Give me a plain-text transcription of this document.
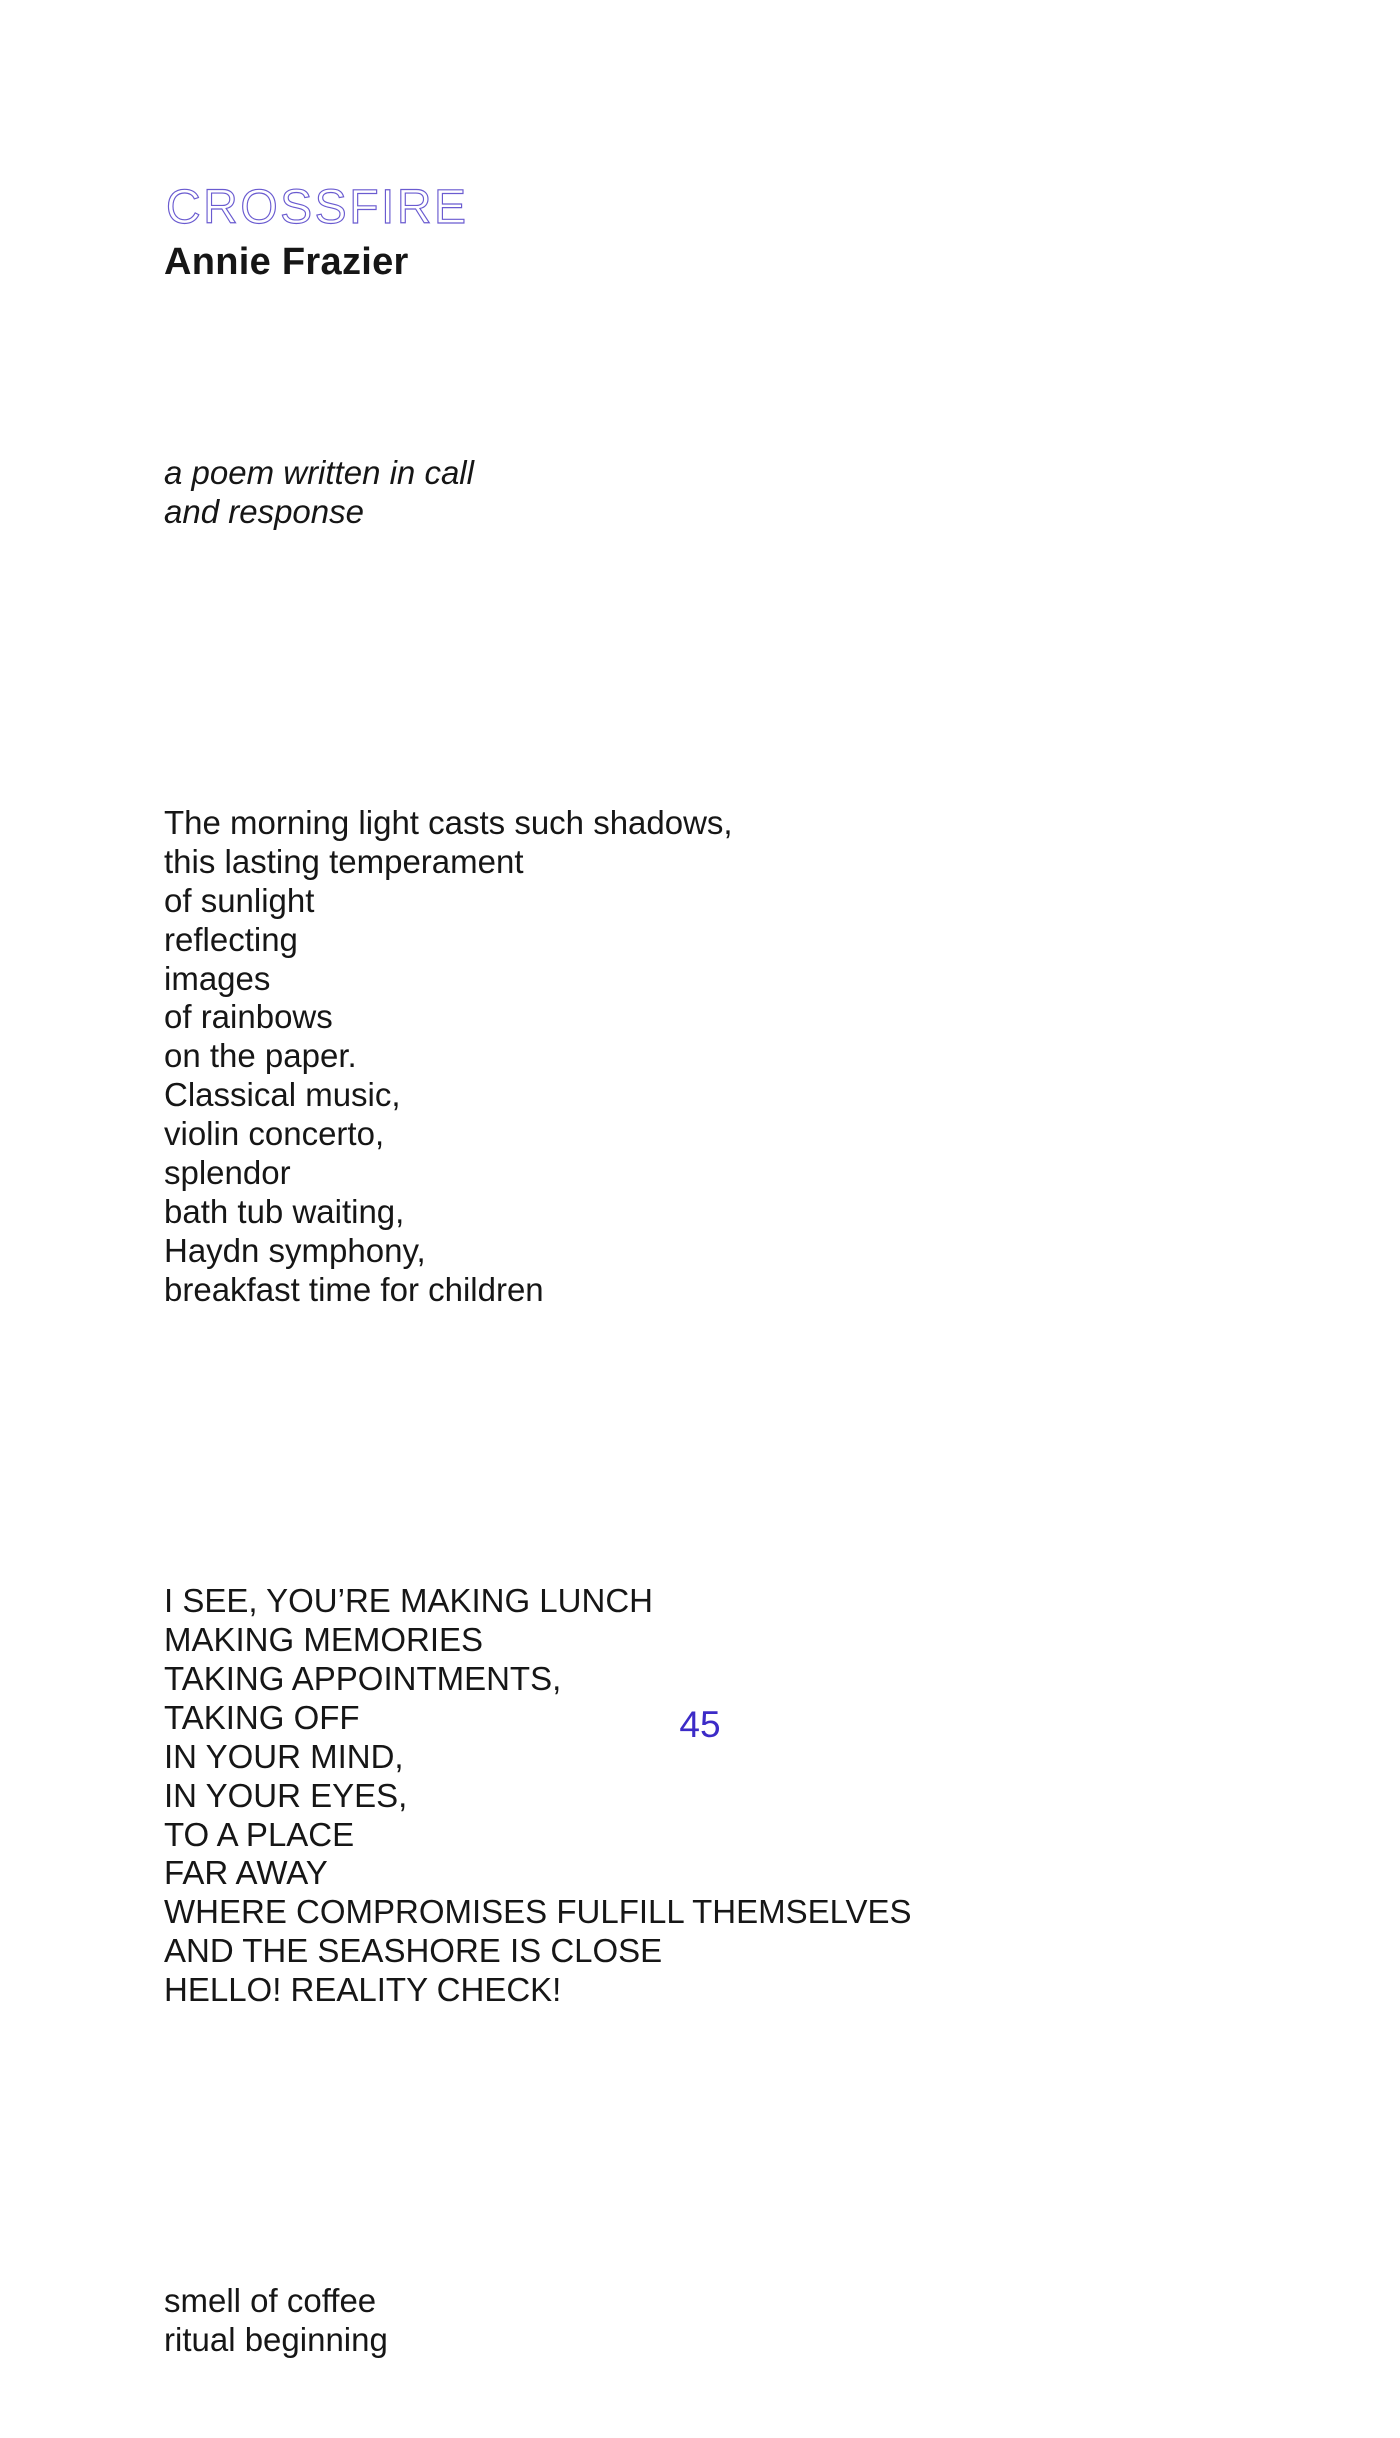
CROSSFIRE
Annie Frazier

a poem written in call
and response

The morning light casts such shadows,
this lasting temperament
of sunlight
reflecting
images
of rainbows
on the paper.
Classical music,
violin concerto,
splendor
bath tub waiting,
Haydn symphony,
breakfast time for children

I SEE, YOU’RE MAKING LUNCH
MAKING MEMORIES
TAKING APPOINTMENTS,
TAKING OFF
IN YOUR MIND,
IN YOUR EYES,
TO A PLACE
FAR AWAY
WHERE COMPROMISES FULFILL THEMSELVES
AND THE SEASHORE IS CLOSE
HELLO! REALITY CHECK!

smell of coffee
ritual beginning

45
